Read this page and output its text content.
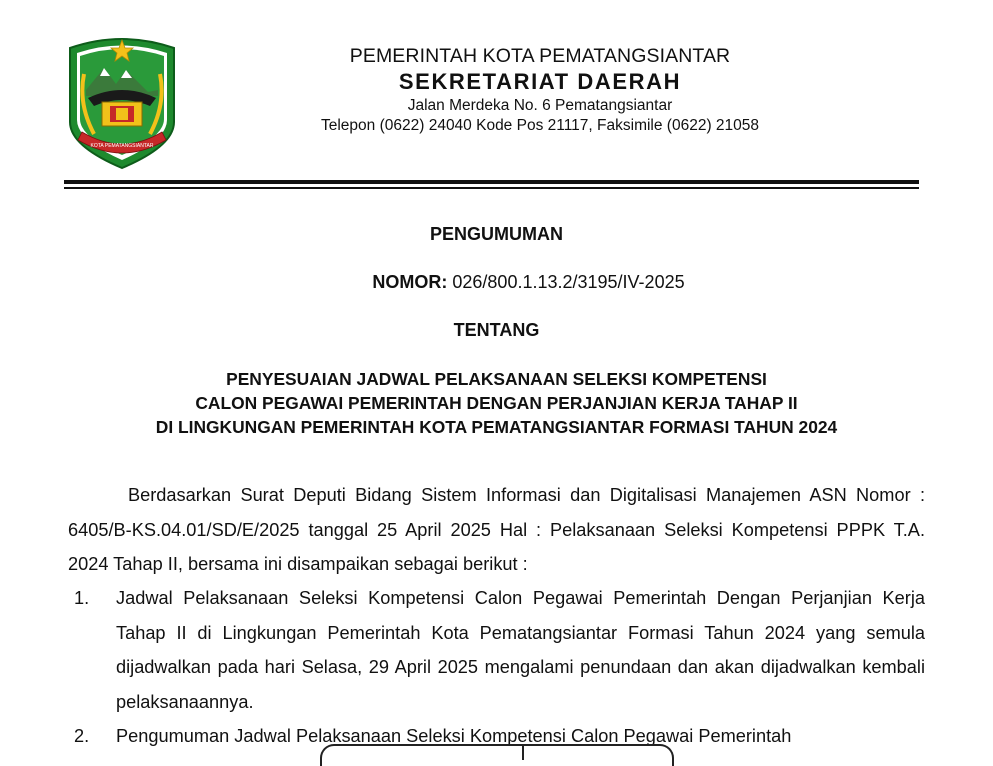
KOTA PEMATANGSIANTAR
PEMERINTAH KOTA PEMATANGSIANTAR
SEKRETARIAT DAERAH
Jalan Merdeka No. 6 Pematangsiantar
Telepon (0622) 24040 Kode Pos 21117, Faksimile (0622) 21058
PENGUMUMAN
NOMOR: 026/800.1.13.2/3195/IV-2025
TENTANG
PENYESUAIAN JADWAL PELAKSANAAN SELEKSI KOMPETENSI
CALON PEGAWAI PEMERINTAH DENGAN PERJANJIAN KERJA TAHAP II
DI LINGKUNGAN PEMERINTAH KOTA PEMATANGSIANTAR FORMASI TAHUN 2024
Berdasarkan Surat Deputi Bidang Sistem Informasi dan Digitalisasi Manajemen ASN Nomor : 6405/B-KS.04.01/SD/E/2025 tanggal 25 April 2025 Hal : Pelaksanaan Seleksi Kompetensi PPPK T.A. 2024 Tahap II, bersama ini disampaikan sebagai berikut :
1. Jadwal Pelaksanaan Seleksi Kompetensi Calon Pegawai Pemerintah Dengan Perjanjian Kerja Tahap II di Lingkungan Pemerintah Kota Pematangsiantar Formasi Tahun 2024 yang semula dijadwalkan pada hari Selasa, 29 April 2025 mengalami penundaan dan akan dijadwalkan kembali pelaksanaannya.
2. Pengumuman Jadwal Pelaksanaan Seleksi Kompetensi Calon Pegawai Pemerintah
